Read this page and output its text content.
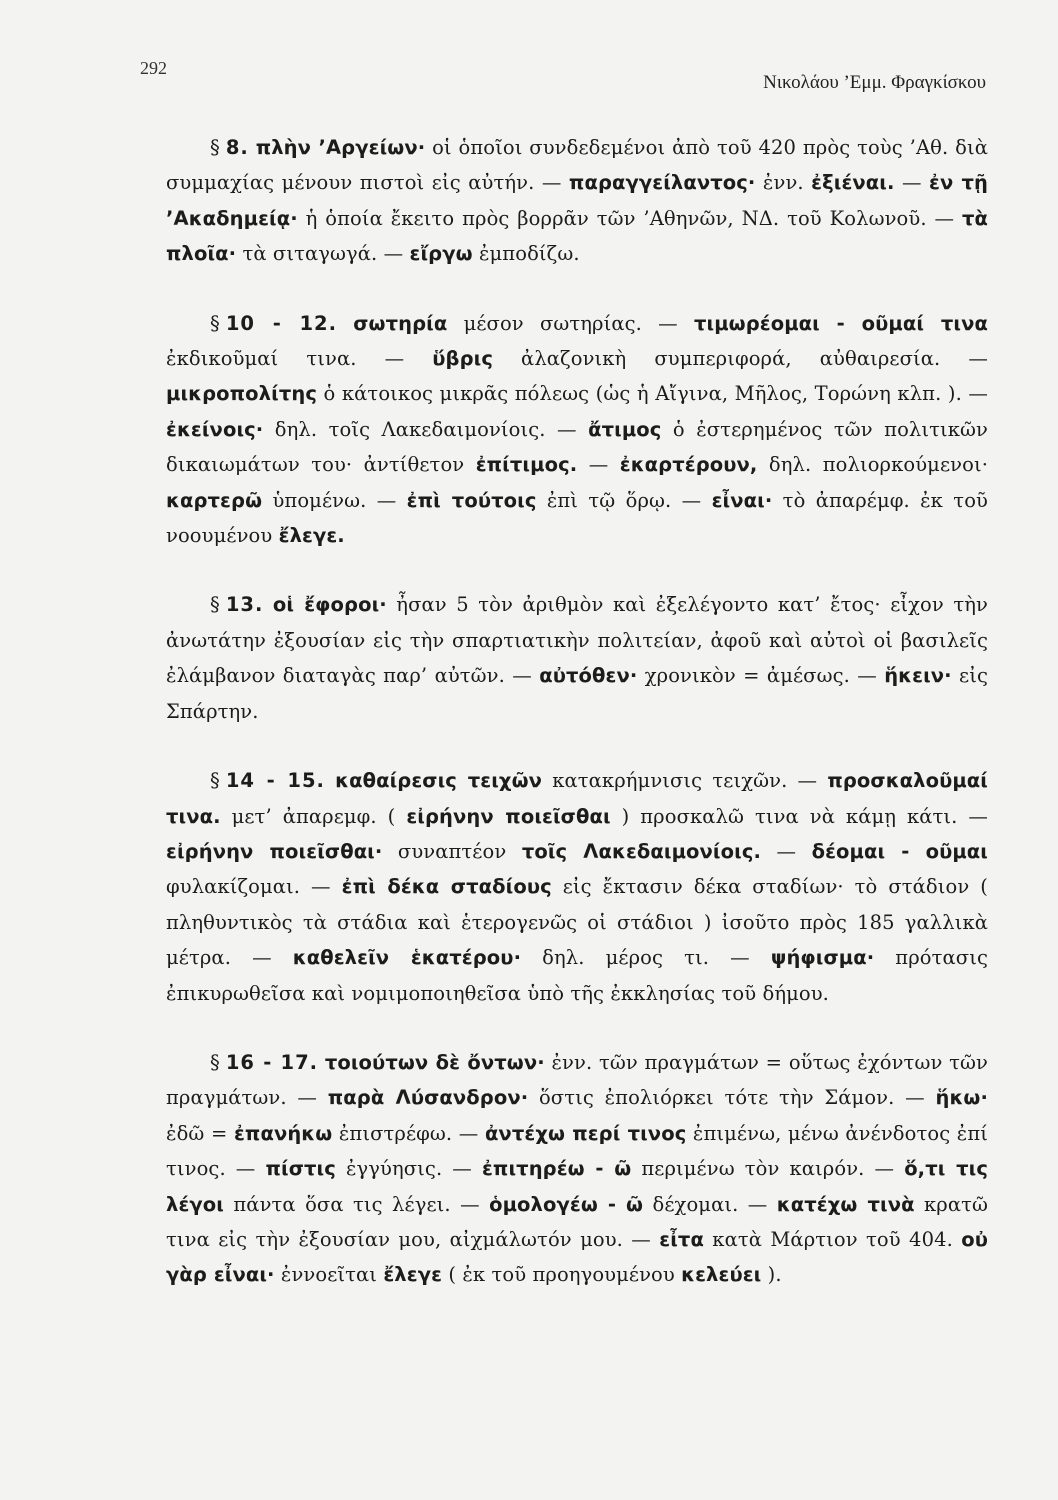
292
Νικολάου ’Εμμ. Φραγκίσκου

§ 8. πλὴν ’Αργείων· οἱ ὁποῖοι συνδεδεμένοι ἀπὸ τοῦ 420 πρὸς τοὺς ’Αθ. διὰ συμμαχίας μένουν πιστοὶ εἰς αὐτήν. — παραγγείλαντος· ἐνν. ἐξιέναι. — ἐν τῇ ’Ακαδημείᾳ· ἡ ὁποία ἔκειτο πρὸς βορρᾶν τῶν ’Αθηνῶν, ΝΔ. τοῦ Κολωνοῦ. — τὰ πλοῖα· τὰ σιταγωγά. — εἴργω ἐμποδίζω.

§ 10 - 12. σωτηρία μέσον σωτηρίας. — τιμωρέομαι - οῦμαί τινα ἐκδικοῦμαί τινα. — ὕβρις ἀλαζονικὴ συμπεριφορά, αὐθαιρεσία. — μικροπολίτης ὁ κάτοικος μικρᾶς πόλεως (ὡς ἡ Αἴγινα, Μῆλος, Τορώνη κλπ. ). — ἐκείνοις· δηλ. τοῖς Λακεδαιμονίοις. — ἄτιμος ὁ ἐστερημένος τῶν πολιτικῶν δικαιωμάτων του· ἀντίθετον ἐπίτιμος. — ἐκαρτέρουν, δηλ. πολιορκούμενοι· καρτερῶ ὑπομένω. — ἐπὶ τούτοις ἐπὶ τῷ ὅρῳ. — εἶναι· τὸ ἀπαρέμφ. ἐκ τοῦ νοουμένου ἔλεγε.

§ 13. οἱ ἔφοροι· ἦσαν 5 τὸν ἀριθμὸν καὶ ἐξελέγοντο κατ’ ἔτος· εἶχον τὴν ἀνωτάτην ἐξουσίαν εἰς τὴν σπαρτιατικὴν πολιτείαν, ἀφοῦ καὶ αὐτοὶ οἱ βασιλεῖς ἐλάμβανον διαταγὰς παρ’ αὐτῶν. — αὐτόθεν· χρονικὸν = ἀμέσως. — ἥκειν· εἰς Σπάρτην.

§ 14 - 15. καθαίρεσις τειχῶν κατακρήμνισις τειχῶν. — προσκαλοῦμαί τινα. μετ’ ἀπαρεμφ. ( εἰρήνην ποιεῖσθαι ) προσκαλῶ τινα νὰ κάμῃ κάτι. — εἰρήνην ποιεῖσθαι· συναπτέον τοῖς Λακεδαιμονίοις. — δέομαι - οῦμαι φυλακίζομαι. — ἐπὶ δέκα σταδίους εἰς ἔκτασιν δέκα σταδίων· τὸ στάδιον ( πληθυντικὸς τὰ στάδια καὶ ἑτερογενῶς οἱ στάδιοι ) ἰσοῦτο πρὸς 185 γαλλικὰ μέτρα. — καθελεῖν ἑκατέρου· δηλ. μέρος τι. — ψήφισμα· πρότασις ἐπικυρωθεῖσα καὶ νομιμοποιηθεῖσα ὑπὸ τῆς ἐκκλησίας τοῦ δήμου.

§ 16 - 17. τοιούτων δὲ ὄντων· ἐνν. τῶν πραγμάτων = οὕτως ἐχόντων τῶν πραγμάτων. — παρὰ Λύσανδρον· ὅστις ἐπολιόρκει τότε τὴν Σάμον. — ἥκω· ἐδῶ = ἐπανήκω ἐπιστρέφω. — ἀντέχω περί τινος ἐπιμένω, μένω ἀνένδοτος ἐπί τινος. — πίστις ἐγγύησις. — ἐπιτηρέω - ῶ περιμένω τὸν καιρόν. — ὅ,τι τις λέγοι πάντα ὅσα τις λέγει. — ὁμολογέω - ῶ δέχομαι. — κατέχω τινὰ κρατῶ τινα εἰς τὴν ἐξουσίαν μου, αἰχμάλωτόν μου. — εἶτα κατὰ Μάρτιον τοῦ 404. οὐ γὰρ εἶναι· ἐννοεῖται ἔλεγε ( ἐκ τοῦ προηγουμένου κελεύει ).
